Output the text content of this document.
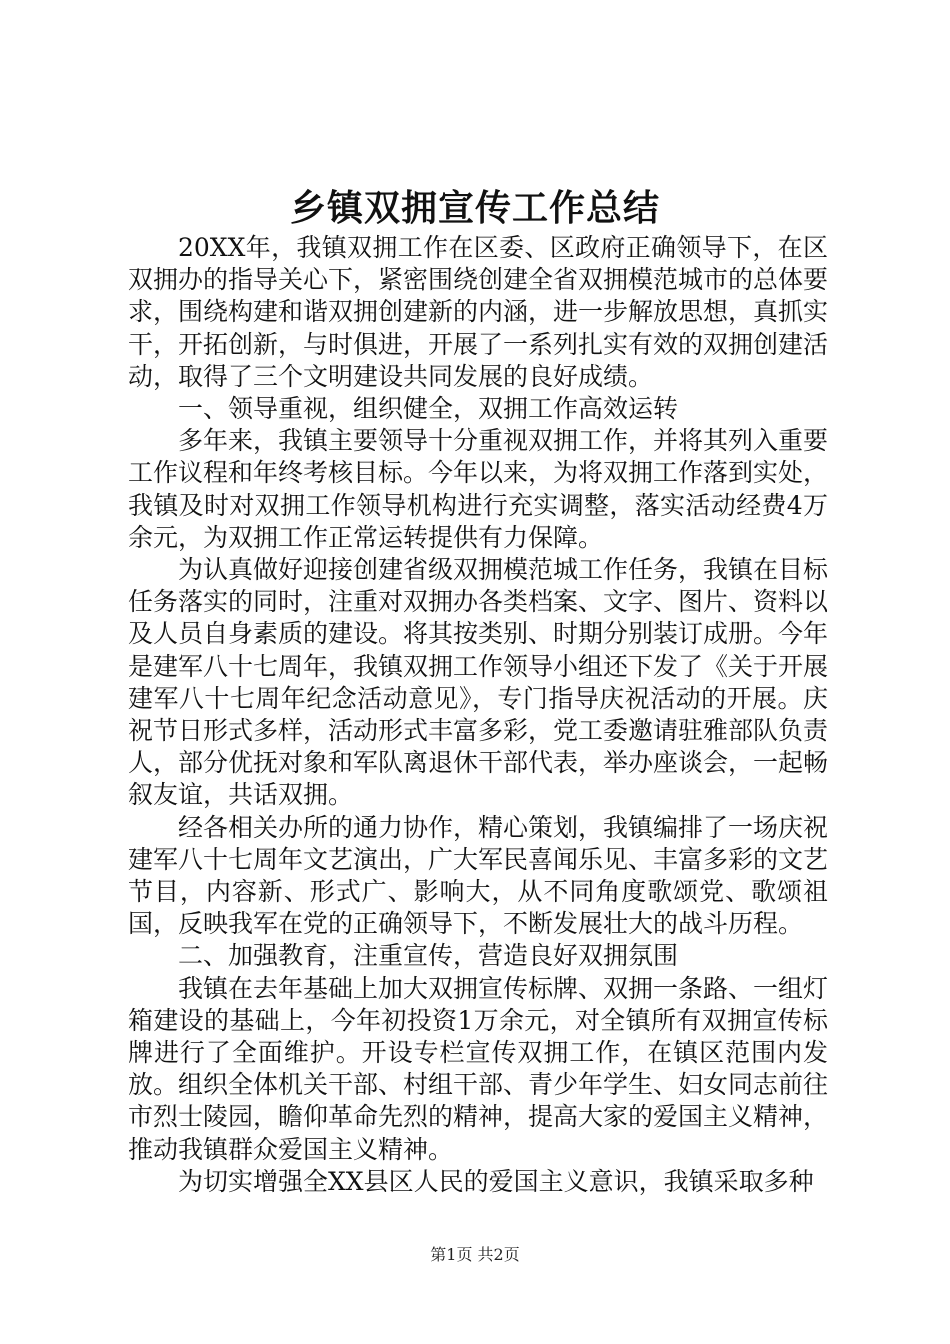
乡镇双拥宣传工作总结

20XX年，我镇双拥工作在区委、区政府正确领导下，在区双拥办的指导关心下，紧密围绕创建全省双拥模范城市的总体要求，围绕构建和谐双拥创建新的内涵，进一步解放思想，真抓实干，开拓创新，与时俱进，开展了一系列扎实有效的双拥创建活动，取得了三个文明建设共同发展的良好成绩。

一、领导重视，组织健全，双拥工作高效运转

多年来，我镇主要领导十分重视双拥工作，并将其列入重要工作议程和年终考核目标。今年以来，为将双拥工作落到实处，我镇及时对双拥工作领导机构进行充实调整，落实活动经费4万余元，为双拥工作正常运转提供有力保障。

为认真做好迎接创建省级双拥模范城工作任务，我镇在目标任务落实的同时，注重对双拥办各类档案、文字、图片、资料以及人员自身素质的建设。将其按类别、时期分别装订成册。今年是建军八十七周年，我镇双拥工作领导小组还下发了《关于开展建军八十七周年纪念活动意见》，专门指导庆祝活动的开展。庆祝节日形式多样，活动形式丰富多彩，党工委邀请驻雅部队负责人，部分优抚对象和军队离退休干部代表，举办座谈会，一起畅叙友谊，共话双拥。

经各相关办所的通力协作，精心策划，我镇编排了一场庆祝建军八十七周年文艺演出，广大军民喜闻乐见、丰富多彩的文艺节目，内容新、形式广、影响大，从不同角度歌颂党、歌颂祖国，反映我军在党的正确领导下，不断发展壮大的战斗历程。

二、加强教育，注重宣传，营造良好双拥氛围

我镇在去年基础上加大双拥宣传标牌、双拥一条路、一组灯箱建设的基础上，今年初投资1万余元，对全镇所有双拥宣传标牌进行了全面维护。开设专栏宣传双拥工作，在镇区范围内发放。组织全体机关干部、村组干部、青少年学生、妇女同志前往市烈士陵园，瞻仰革命先烈的精神，提高大家的爱国主义精神，推动我镇群众爱国主义精神。

为切实增强全XX县区人民的爱国主义意识，我镇采取多种

第1页 共2页
